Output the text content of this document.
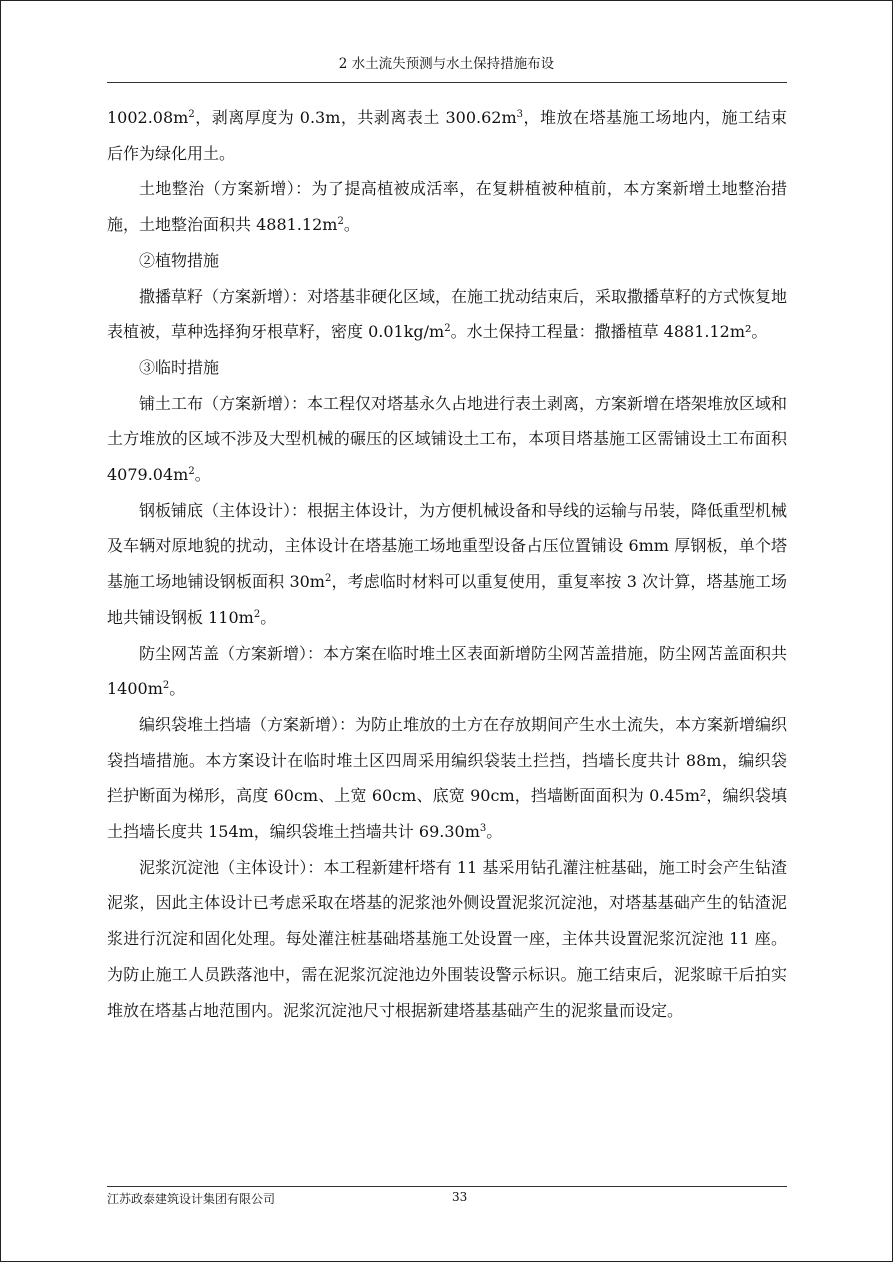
2 水土流失预测与水土保持措施布设

$1002.08m^2$，剥离厚度为 0.3m，共剥离表土 $300.62m^3$，堆放在塔基施工场地内，施工结束后作为绿化用土。

土地整治（方案新增）：为了提高植被成活率，在复耕植被种植前，本方案新增土地整治措施，土地整治面积共 $4881.12m^2$。

②植物措施

撒播草籽（方案新增）：对塔基非硬化区域，在施工扰动结束后，采取撒播草籽的方式恢复地表植被，草种选择狗牙根草籽，密度 $0.01kg/m^2$。水土保持工程量：撒播植草 4881.12m²。

③临时措施

铺土工布（方案新增）：本工程仅对塔基永久占地进行表土剥离，方案新增在塔架堆放区域和土方堆放的区域不涉及大型机械的碾压的区域铺设土工布，本项目塔基施工区需铺设土工布面积 $4079.04m^2$。

钢板铺底（主体设计）：根据主体设计，为方便机械设备和导线的运输与吊装，降低重型机械及车辆对原地貌的扰动，主体设计在塔基施工场地重型设备占压位置铺设 6mm 厚钢板，单个塔基施工场地铺设钢板面积 $30m^2$，考虑临时材料可以重复使用，重复率按 3 次计算，塔基施工场地共铺设钢板 $110m^2$。

防尘网苫盖（方案新增）：本方案在临时堆土区表面新增防尘网苫盖措施，防尘网苫盖面积共 $1400m^2$。

编织袋堆土挡墙（方案新增）：为防止堆放的土方在存放期间产生水土流失，本方案新增编织袋挡墙措施。本方案设计在临时堆土区四周采用编织袋装土拦挡，挡墙长度共计 88m，编织袋拦护断面为梯形，高度 60cm、上宽 60cm、底宽 90cm，挡墙断面面积为 0.45m²，编织袋填土挡墙长度共 154m，编织袋堆土挡墙共计 $69.30m^3$。

泥浆沉淀池（主体设计）：本工程新建杆塔有 11 基采用钻孔灌注桩基础，施工时会产生钻渣泥浆，因此主体设计已考虑采取在塔基的泥浆池外侧设置泥浆沉淀池，对塔基基础产生的钻渣泥浆进行沉淀和固化处理。每处灌注桩基础塔基施工处设置一座，主体共设置泥浆沉淀池 11 座。为防止施工人员跌落池中，需在泥浆沉淀池边外围装设警示标识。施工结束后，泥浆晾干后拍实堆放在塔基占地范围内。泥浆沉淀池尺寸根据新建塔基基础产生的泥浆量而设定。

江苏政泰建筑设计集团有限公司	33
